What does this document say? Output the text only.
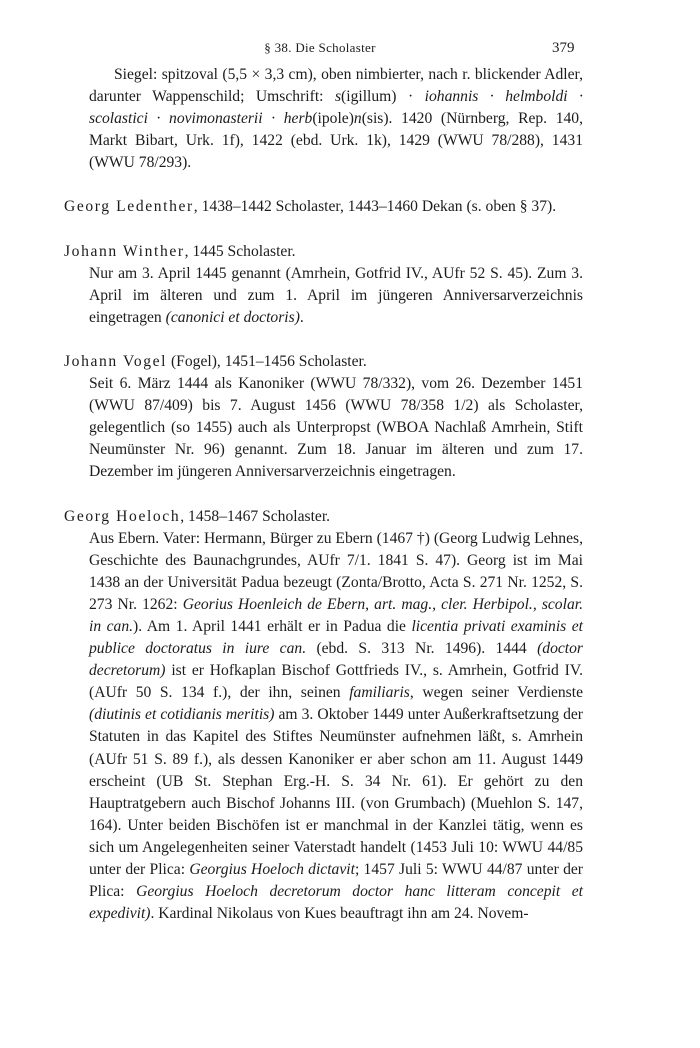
§ 38. Die Scholaster	379

Siegel: spitzoval (5,5 × 3,3 cm), oben nimbierter, nach r. blickender Adler, darunter Wappenschild; Umschrift: s(igillum) · iohannis · helmboldi · scolastici · novimonasterii · herb(ipole)n(sis). 1420 (Nürnberg, Rep. 140, Markt Bibart, Urk. 1f), 1422 (ebd. Urk. 1k), 1429 (WWU 78/288), 1431 (WWU 78/293).

Georg Ledenther, 1438–1442 Scholaster, 1443–1460 Dekan (s. oben § 37).

Johann Winther, 1445 Scholaster.

Nur am 3. April 1445 genannt (Amrhein, Gotfrid IV., AUfr 52 S. 45). Zum 3. April im älteren und zum 1. April im jüngeren Anniversarverzeichnis eingetragen (canonici et doctoris).

Johann Vogel (Fogel), 1451–1456 Scholaster.

Seit 6. März 1444 als Kanoniker (WWU 78/332), vom 26. Dezember 1451 (WWU 87/409) bis 7. August 1456 (WWU 78/358 1/2) als Scholaster, gelegentlich (so 1455) auch als Unterpropst (WBOA Nachlaß Amrhein, Stift Neumünster Nr. 96) genannt. Zum 18. Januar im älteren und zum 17. Dezember im jüngeren Anniversarverzeichnis eingetragen.

Georg Hoeloch, 1458–1467 Scholaster.

Aus Ebern. Vater: Hermann, Bürger zu Ebern (1467 †) (Georg Ludwig Lehnes, Geschichte des Baunachgrundes, AUfr 7/1. 1841 S. 47). Georg ist im Mai 1438 an der Universität Padua bezeugt (Zonta/Brotto, Acta S. 271 Nr. 1252, S. 273 Nr. 1262: Georius Hoenleich de Ebern, art. mag., cler. Herbipol., scolar. in can.). Am 1. April 1441 erhält er in Padua die licentia privati examinis et publice doctoratus in iure can. (ebd. S. 313 Nr. 1496). 1444 (doctor decretorum) ist er Hofkaplan Bischof Gottfrieds IV., s. Amrhein, Gotfrid IV. (AUfr 50 S. 134 f.), der ihn, seinen familiaris, wegen seiner Verdienste (diutinis et cotidianis meritis) am 3. Oktober 1449 unter Außerkraftsetzung der Statuten in das Kapitel des Stiftes Neumünster aufnehmen läßt, s. Amrhein (AUfr 51 S. 89 f.), als dessen Kanoniker er aber schon am 11. August 1449 erscheint (UB St. Stephan Erg.-H. S. 34 Nr. 61). Er gehört zu den Hauptratgebern auch Bischof Johanns III. (von Grumbach) (Muehlon S. 147, 164). Unter beiden Bischöfen ist er manchmal in der Kanzlei tätig, wenn es sich um Angelegenheiten seiner Vaterstadt handelt (1453 Juli 10: WWU 44/85 unter der Plica: Georgius Hoeloch dictavit; 1457 Juli 5: WWU 44/87 unter der Plica: Georgius Hoeloch decretorum doctor hanc litteram concepit et expedivit). Kardinal Nikolaus von Kues beauftragt ihn am 24. Novem-
